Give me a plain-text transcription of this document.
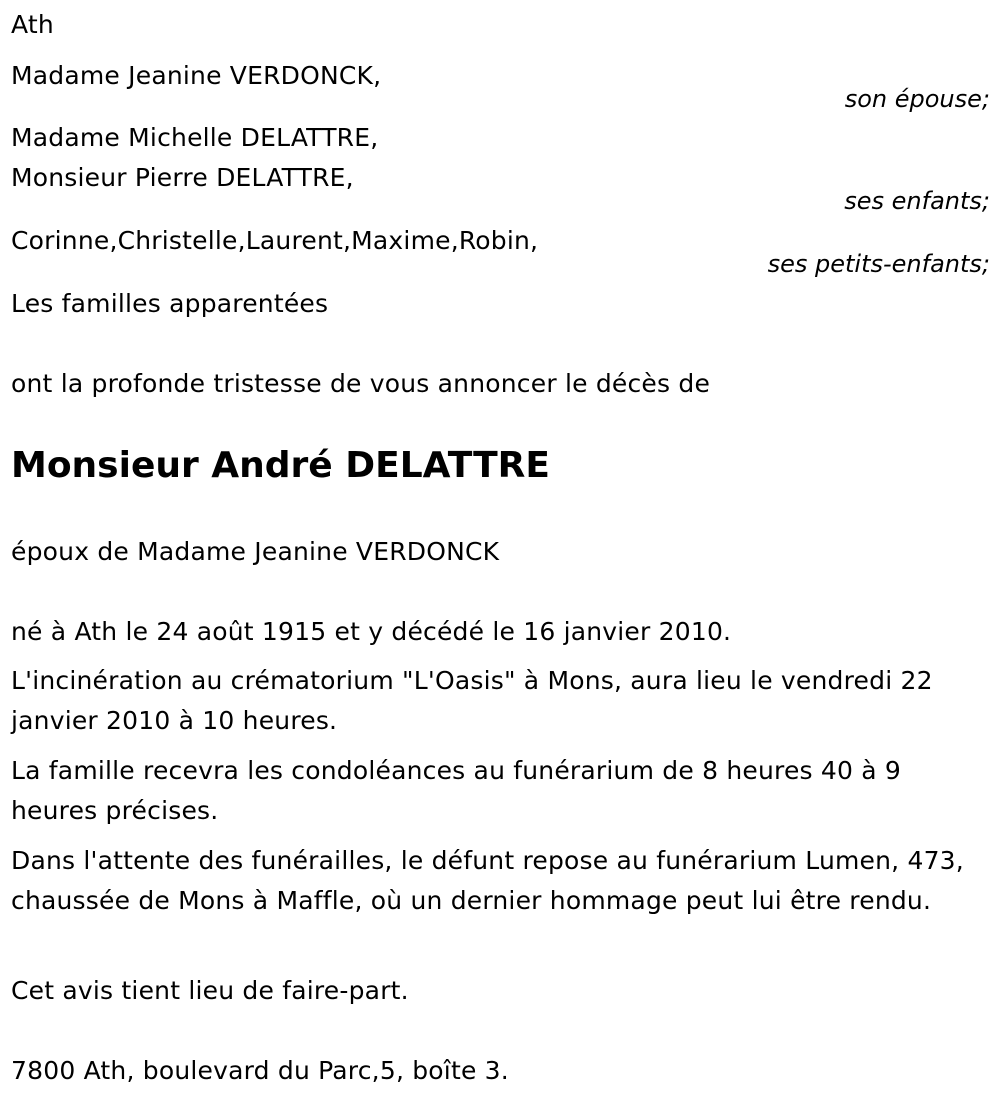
Ath
Madame Jeanine VERDONCK,
son épouse;
Madame Michelle DELATTRE,
Monsieur Pierre DELATTRE,
ses enfants;
Corinne,Christelle,Laurent,Maxime,Robin,
ses petits-enfants;
Les familles apparentées
ont la profonde tristesse de vous annoncer le décès de
Monsieur André DELATTRE
époux de Madame Jeanine VERDONCK
né à Ath le 24 août 1915 et y décédé le 16 janvier 2010.

L'incinération au crématorium "L'Oasis" à Mons, aura lieu le vendredi 22 janvier 2010 à 10 heures.

La famille recevra les condoléances au funérarium de 8 heures 40 à 9 heures précises.

Dans l'attente des funérailles, le défunt repose au funérarium Lumen, 473, chaussée de Mons à Maffle, où un dernier hommage peut lui être rendu.

Cet avis tient lieu de faire-part.

7800 Ath, boulevard du Parc,5, boîte 3.
